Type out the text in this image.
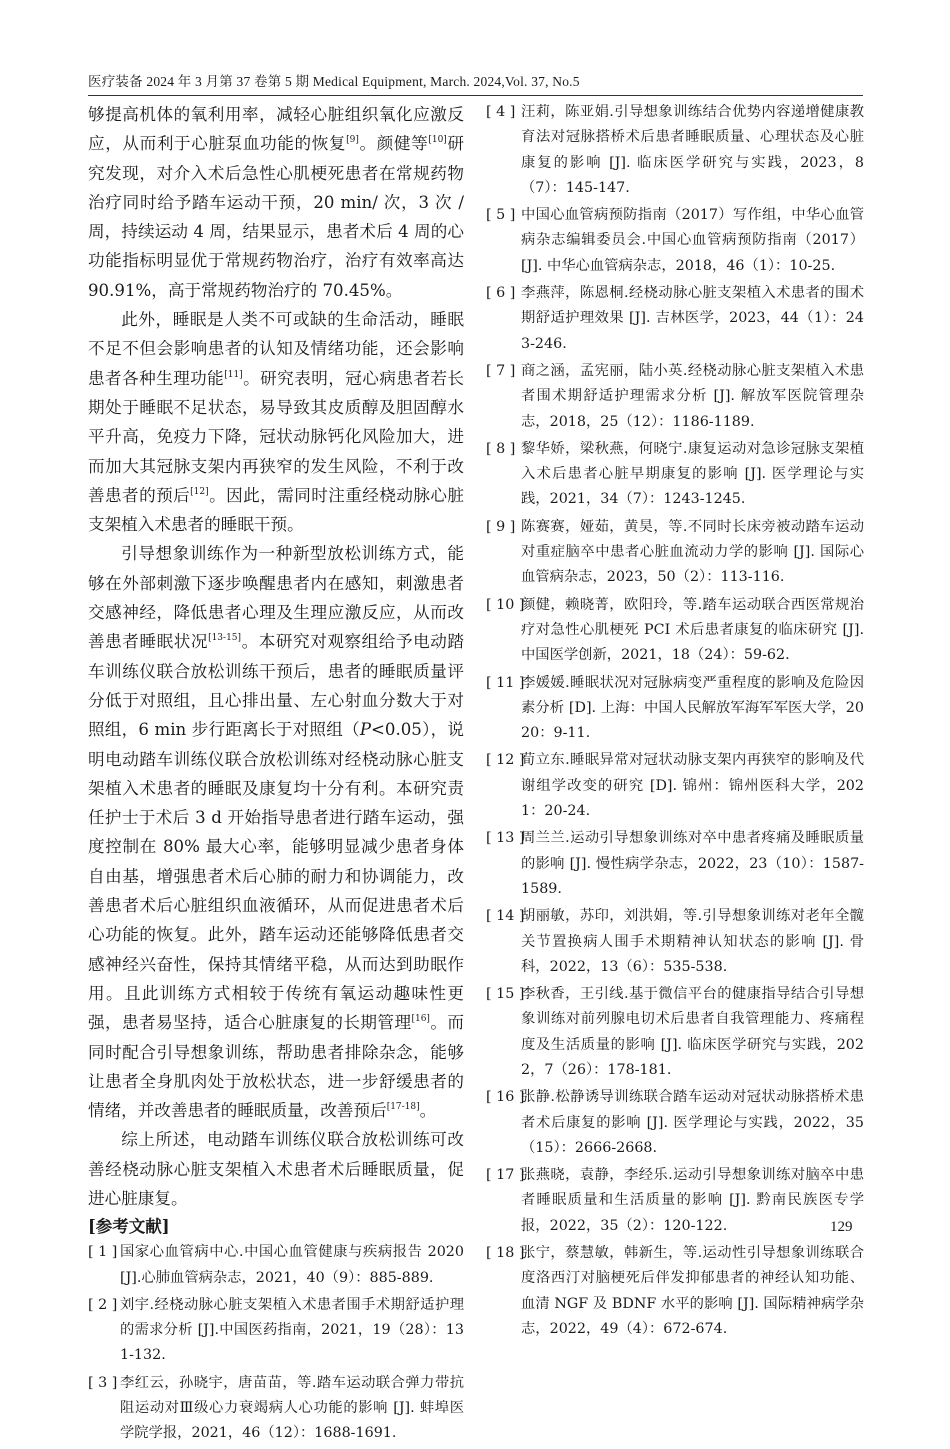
医疗装备 2024 年 3 月第 37 卷第 5 期 Medical Equipment, March. 2024,Vol. 37, No.5

够提高机体的氧利用率，减轻心脏组织氧化应激反应，从而利于心脏泵血功能的恢复[9]。颜健等[10]研究发现，对介入术后急性心肌梗死患者在常规药物治疗同时给予踏车运动干预，20 min/ 次，3 次 / 周，持续运动 4 周，结果显示，患者术后 4 周的心功能指标明显优于常规药物治疗，治疗有效率高达 90.91%，高于常规药物治疗的 70.45%。

此外，睡眠是人类不可或缺的生命活动，睡眠不足不但会影响患者的认知及情绪功能，还会影响患者各种生理功能[11]。研究表明，冠心病患者若长期处于睡眠不足状态，易导致其皮质醇及胆固醇水平升高，免疫力下降，冠状动脉钙化风险加大，进而加大其冠脉支架内再狭窄的发生风险，不利于改善患者的预后[12]。因此，需同时注重经桡动脉心脏支架植入术患者的睡眠干预。

引导想象训练作为一种新型放松训练方式，能够在外部刺激下逐步唤醒患者内在感知，刺激患者交感神经，降低患者心理及生理应激反应，从而改善患者睡眠状况[13-15]。本研究对观察组给予电动踏车训练仪联合放松训练干预后，患者的睡眠质量评分低于对照组，且心排出量、左心射血分数大于对照组，6 min 步行距离长于对照组（P<0.05），说明电动踏车训练仪联合放松训练对经桡动脉心脏支架植入术患者的睡眠及康复均十分有利。本研究责任护士于术后 3 d 开始指导患者进行踏车运动，强度控制在 80% 最大心率，能够明显减少患者身体自由基，增强患者术后心肺的耐力和协调能力，改善患者术后心脏组织血液循环，从而促进患者术后心功能的恢复。此外，踏车运动还能够降低患者交感神经兴奋性，保持其情绪平稳，从而达到助眠作用。且此训练方式相较于传统有氧运动趣味性更强，患者易坚持，适合心脏康复的长期管理[16]。而同时配合引导想象训练，帮助患者排除杂念，能够让患者全身肌肉处于放松状态，进一步舒缓患者的情绪，并改善患者的睡眠质量，改善预后[17-18]。

综上所述，电动踏车训练仪联合放松训练可改善经桡动脉心脏支架植入术患者术后睡眠质量，促进心脏康复。

[参考文献]
[ 1 ] 国家心血管病中心.中国心血管健康与疾病报告 2020[J].心肺血管病杂志，2021，40（9）：885-889.
[ 2 ] 刘宇.经桡动脉心脏支架植入术患者围手术期舒适护理的需求分析 [J].中国医药指南，2021，19（28）：131-132.
[ 3 ] 李红云，孙晓宇，唐苗苗，等.踏车运动联合弹力带抗阻运动对Ⅲ级心力衰竭病人心功能的影响 [J]. 蚌埠医学院学报，2021，46（12）：1688-1691.
[ 4 ] 汪莉，陈亚娟.引导想象训练结合优势内容递增健康教育法对冠脉搭桥术后患者睡眠质量、心理状态及心脏康复的影响 [J]. 临床医学研究与实践，2023，8（7）：145-147.
[ 5 ] 中国心血管病预防指南（2017）写作组，中华心血管病杂志编辑委员会.中国心血管病预防指南（2017）[J]. 中华心血管病杂志，2018，46（1）：10-25.
[ 6 ] 李燕萍，陈恩桐.经桡动脉心脏支架植入术患者的围术期舒适护理效果 [J]. 吉林医学，2023，44（1）：243-246.
[ 7 ] 商之涵，孟宪丽，陆小英.经桡动脉心脏支架植入术患者围术期舒适护理需求分析 [J]. 解放军医院管理杂志，2018，25（12）：1186-1189.
[ 8 ] 黎华娇，梁秋燕，何晓宁.康复运动对急诊冠脉支架植入术后患者心脏早期康复的影响 [J]. 医学理论与实践，2021，34（7）：1243-1245.
[ 9 ] 陈赛赛，娅茹，黄昊，等.不同时长床旁被动踏车运动对重症脑卒中患者心脏血流动力学的影响 [J]. 国际心血管病杂志，2023，50（2）：113-116.
[ 10 ]
颜健，赖晓菁，欧阳玲，等.踏车运动联合西医常规治疗对急性心肌梗死 PCI 术后患者康复的临床研究 [J]. 中国医学创新，2021，18（24）：59-62.
[ 11 ]
李媛媛.睡眠状况对冠脉病变严重程度的影响及危险因素分析 [D]. 上海：中国人民解放军海军军医大学，2020：9-11.
[ 12 ]
荀立东.睡眠异常对冠状动脉支架内再狭窄的影响及代谢组学改变的研究 [D]. 锦州：锦州医科大学，2021：20-24.
[ 13 ]
周兰兰.运动引导想象训练对卒中患者疼痛及睡眠质量的影响 [J]. 慢性病学杂志，2022，23（10）：1587-1589.
[ 14 ]
胡丽敏，苏印，刘洪娟，等.引导想象训练对老年全髋关节置换病人围手术期精神认知状态的影响 [J]. 骨科，2022，13（6）：535-538.
[ 15 ]
李秋香，王引线.基于微信平台的健康指导结合引导想象训练对前列腺电切术后患者自我管理能力、疼痛程度及生活质量的影响 [J]. 临床医学研究与实践，2022，7（26）：178-181.
[ 16 ]
张静.松静诱导训练联合踏车运动对冠状动脉搭桥术患者术后康复的影响 [J]. 医学理论与实践，2022，35（15）：2666-2668.
[ 17 ]
张燕晓，袁静，李经乐.运动引导想象训练对脑卒中患者睡眠质量和生活质量的影响 [J]. 黔南民族医专学报，2022，35（2）：120-122.
[ 18 ]
张宁，蔡慧敏，韩新生，等.运动性引导想象训练联合度洛西汀对脑梗死后伴发抑郁患者的神经认知功能、血清 NGF 及 BDNF 水平的影响 [J]. 国际精神病学杂志，2022，49（4）：672-674.
129
